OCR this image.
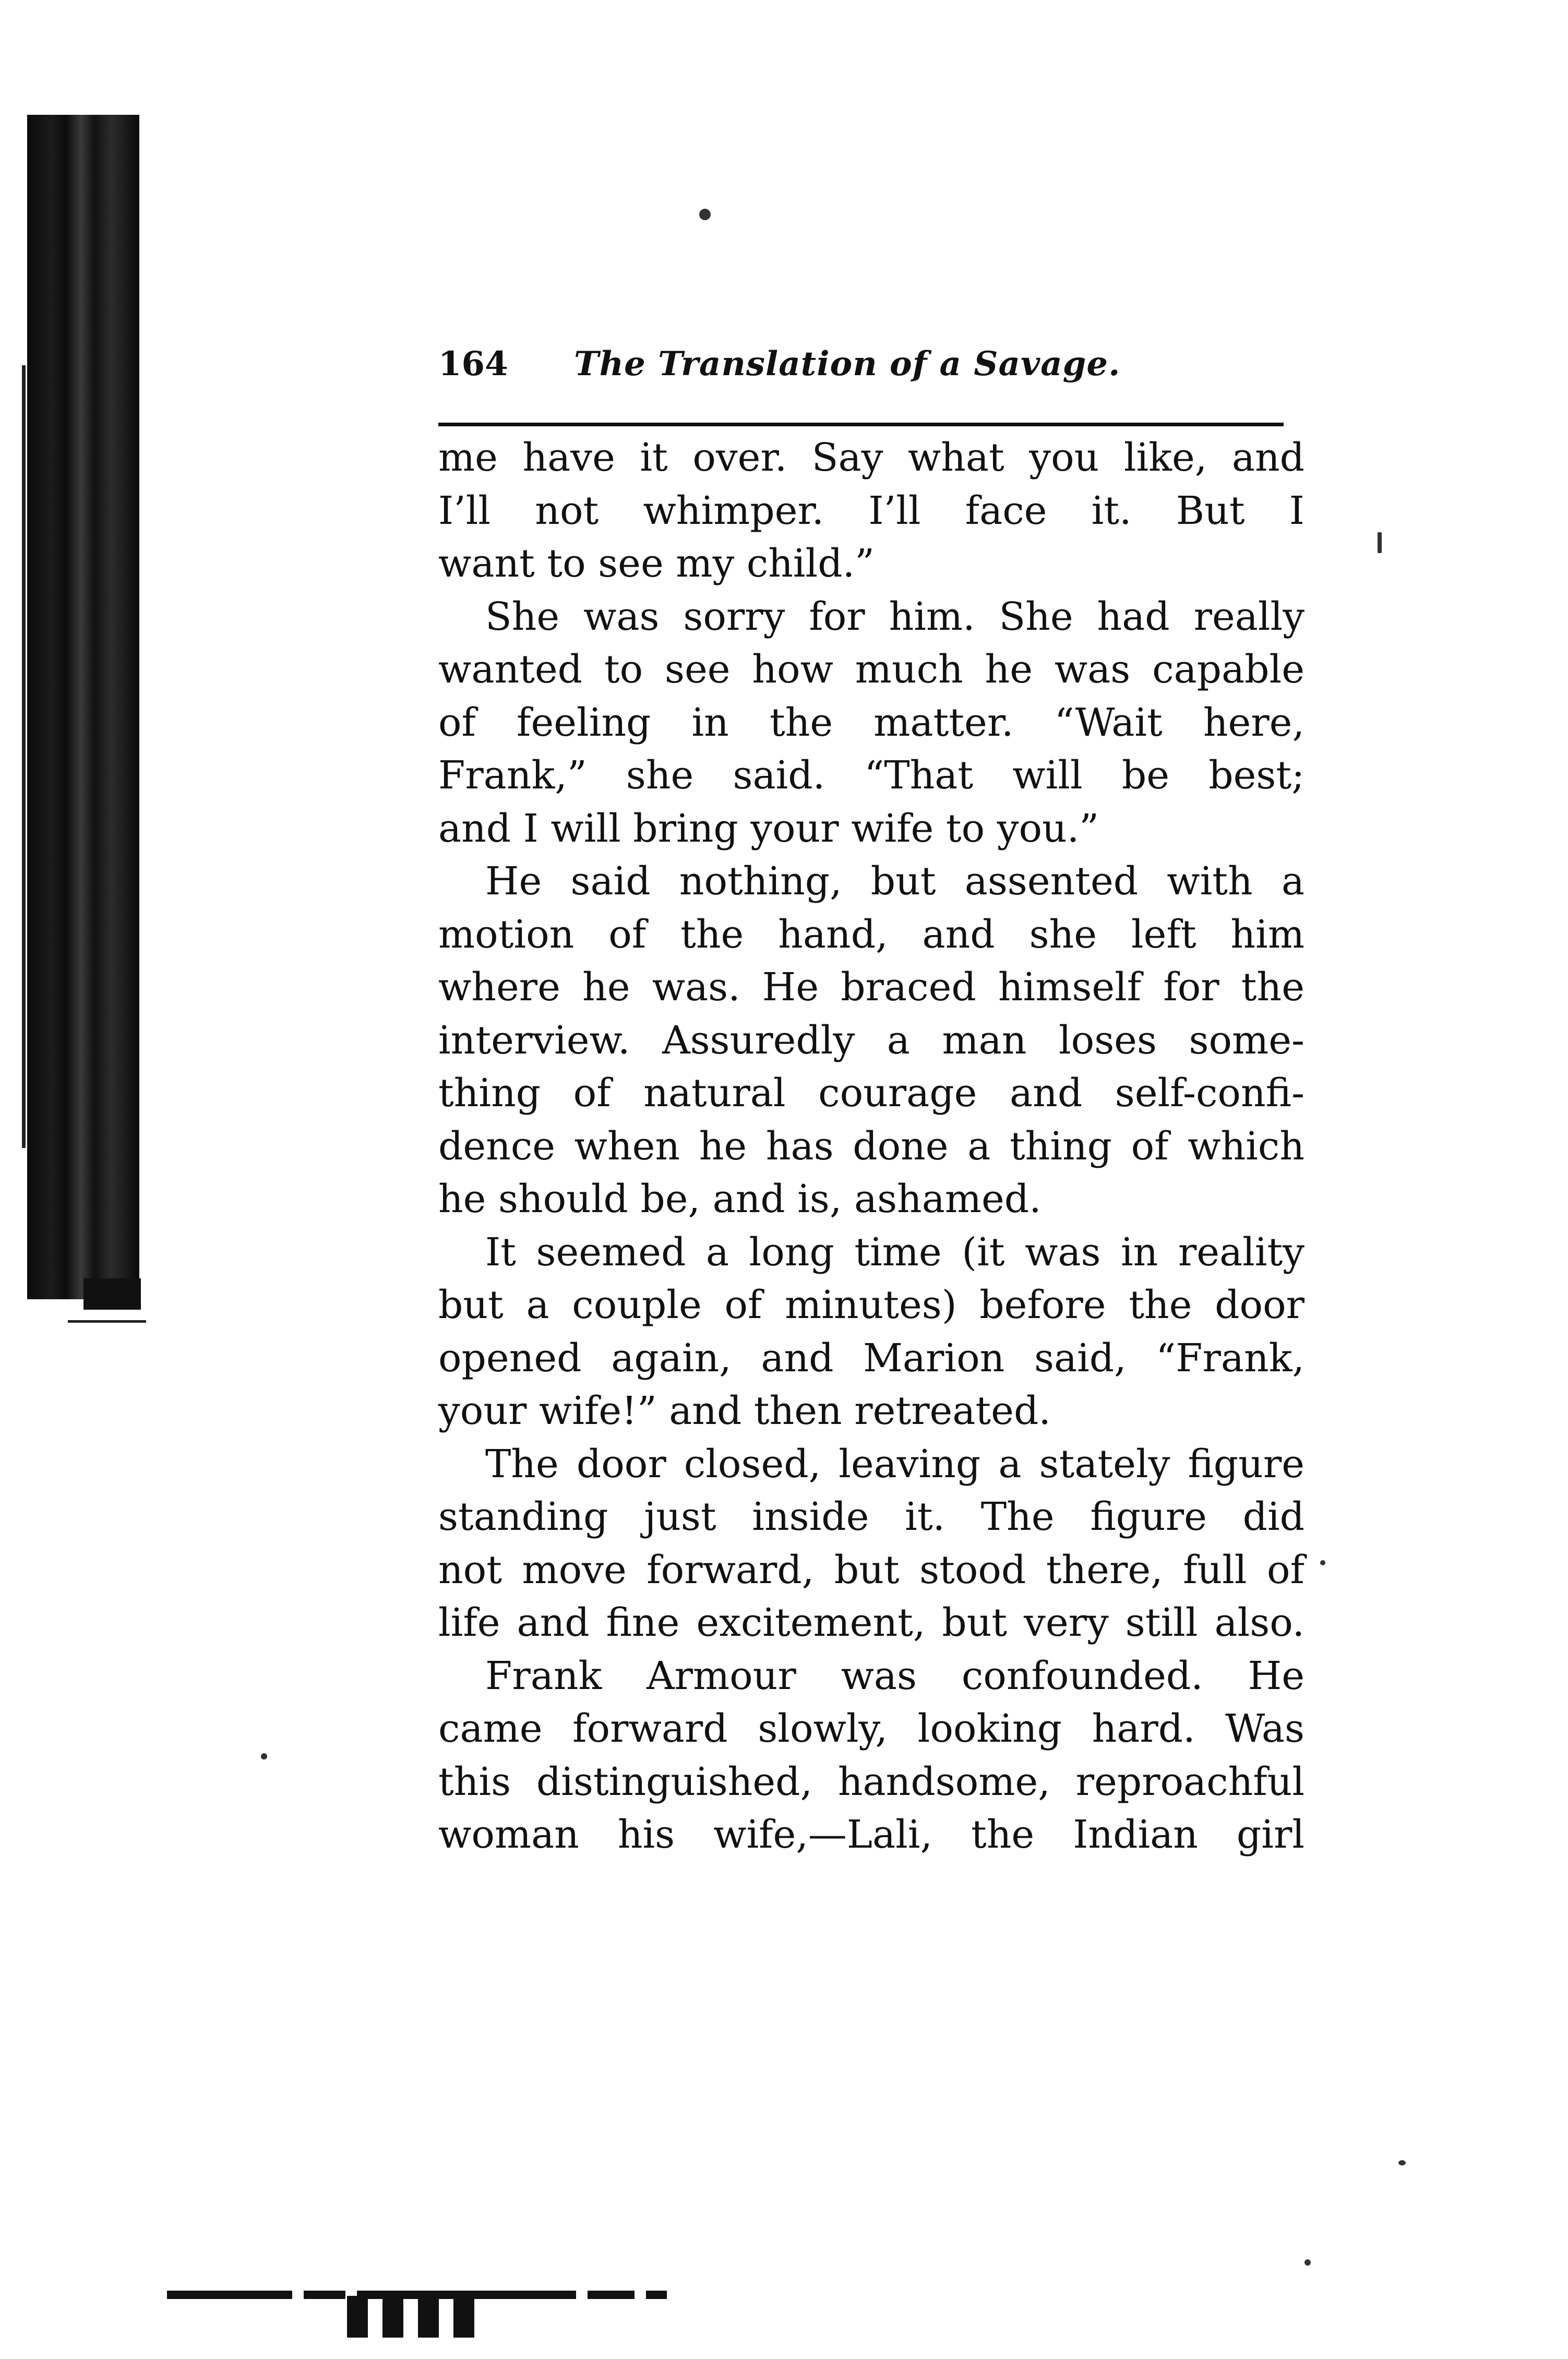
164	The Translation of a Savage.
me have it over. Say what you like, and
I’ll not whimper. I’ll face it. But I
want to see my child.”
She was sorry for him. She had really
wanted to see how much he was capable
of feeling in the matter. “Wait here,
Frank,” she said. “That will be best;
and I will bring your wife to you.”
He said nothing, but assented with a
motion of the hand, and she left him
where he was. He braced himself for the
interview. Assuredly a man loses some-
thing of natural courage and self-confi-
dence when he has done a thing of which
he should be, and is, ashamed.
It seemed a long time (it was in reality
but a couple of minutes) before the door
opened again, and Marion said, “Frank,
your wife!” and then retreated.
The door closed, leaving a stately figure
standing just inside it. The figure did
not move forward, but stood there, full of
life and fine excitement, but very still also.
Frank Armour was confounded. He
came forward slowly, looking hard. Was
this distinguished, handsome, reproachful
woman his wife,—Lali, the Indian girl
